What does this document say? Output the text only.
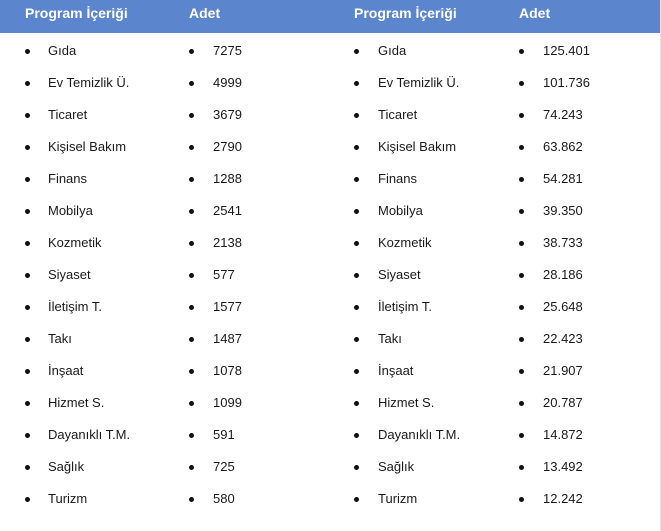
Program İçeriği	Adet	Program İçeriği	Adet
Gıda	7275	Gıda	125.401
Ev Temizlik Ü.	4999	Ev Temizlik Ü.	101.736
Ticaret	3679	Ticaret	74.243
Kişisel Bakım	2790	Kişisel Bakım	63.862
Finans	1288	Finans	54.281
Mobilya	2541	Mobilya	39.350
Kozmetik	2138	Kozmetik	38.733
Siyaset	577	Siyaset	28.186
İletişim T.	1577	İletişim T.	25.648
Takı	1487	Takı	22.423
İnşaat	1078	İnşaat	21.907
Hizmet S.	1099	Hizmet S.	20.787
Dayanıklı T.M.	591	Dayanıklı T.M.	14.872
Sağlık	725	Sağlık	13.492
Turizm	580	Turizm	12.242
